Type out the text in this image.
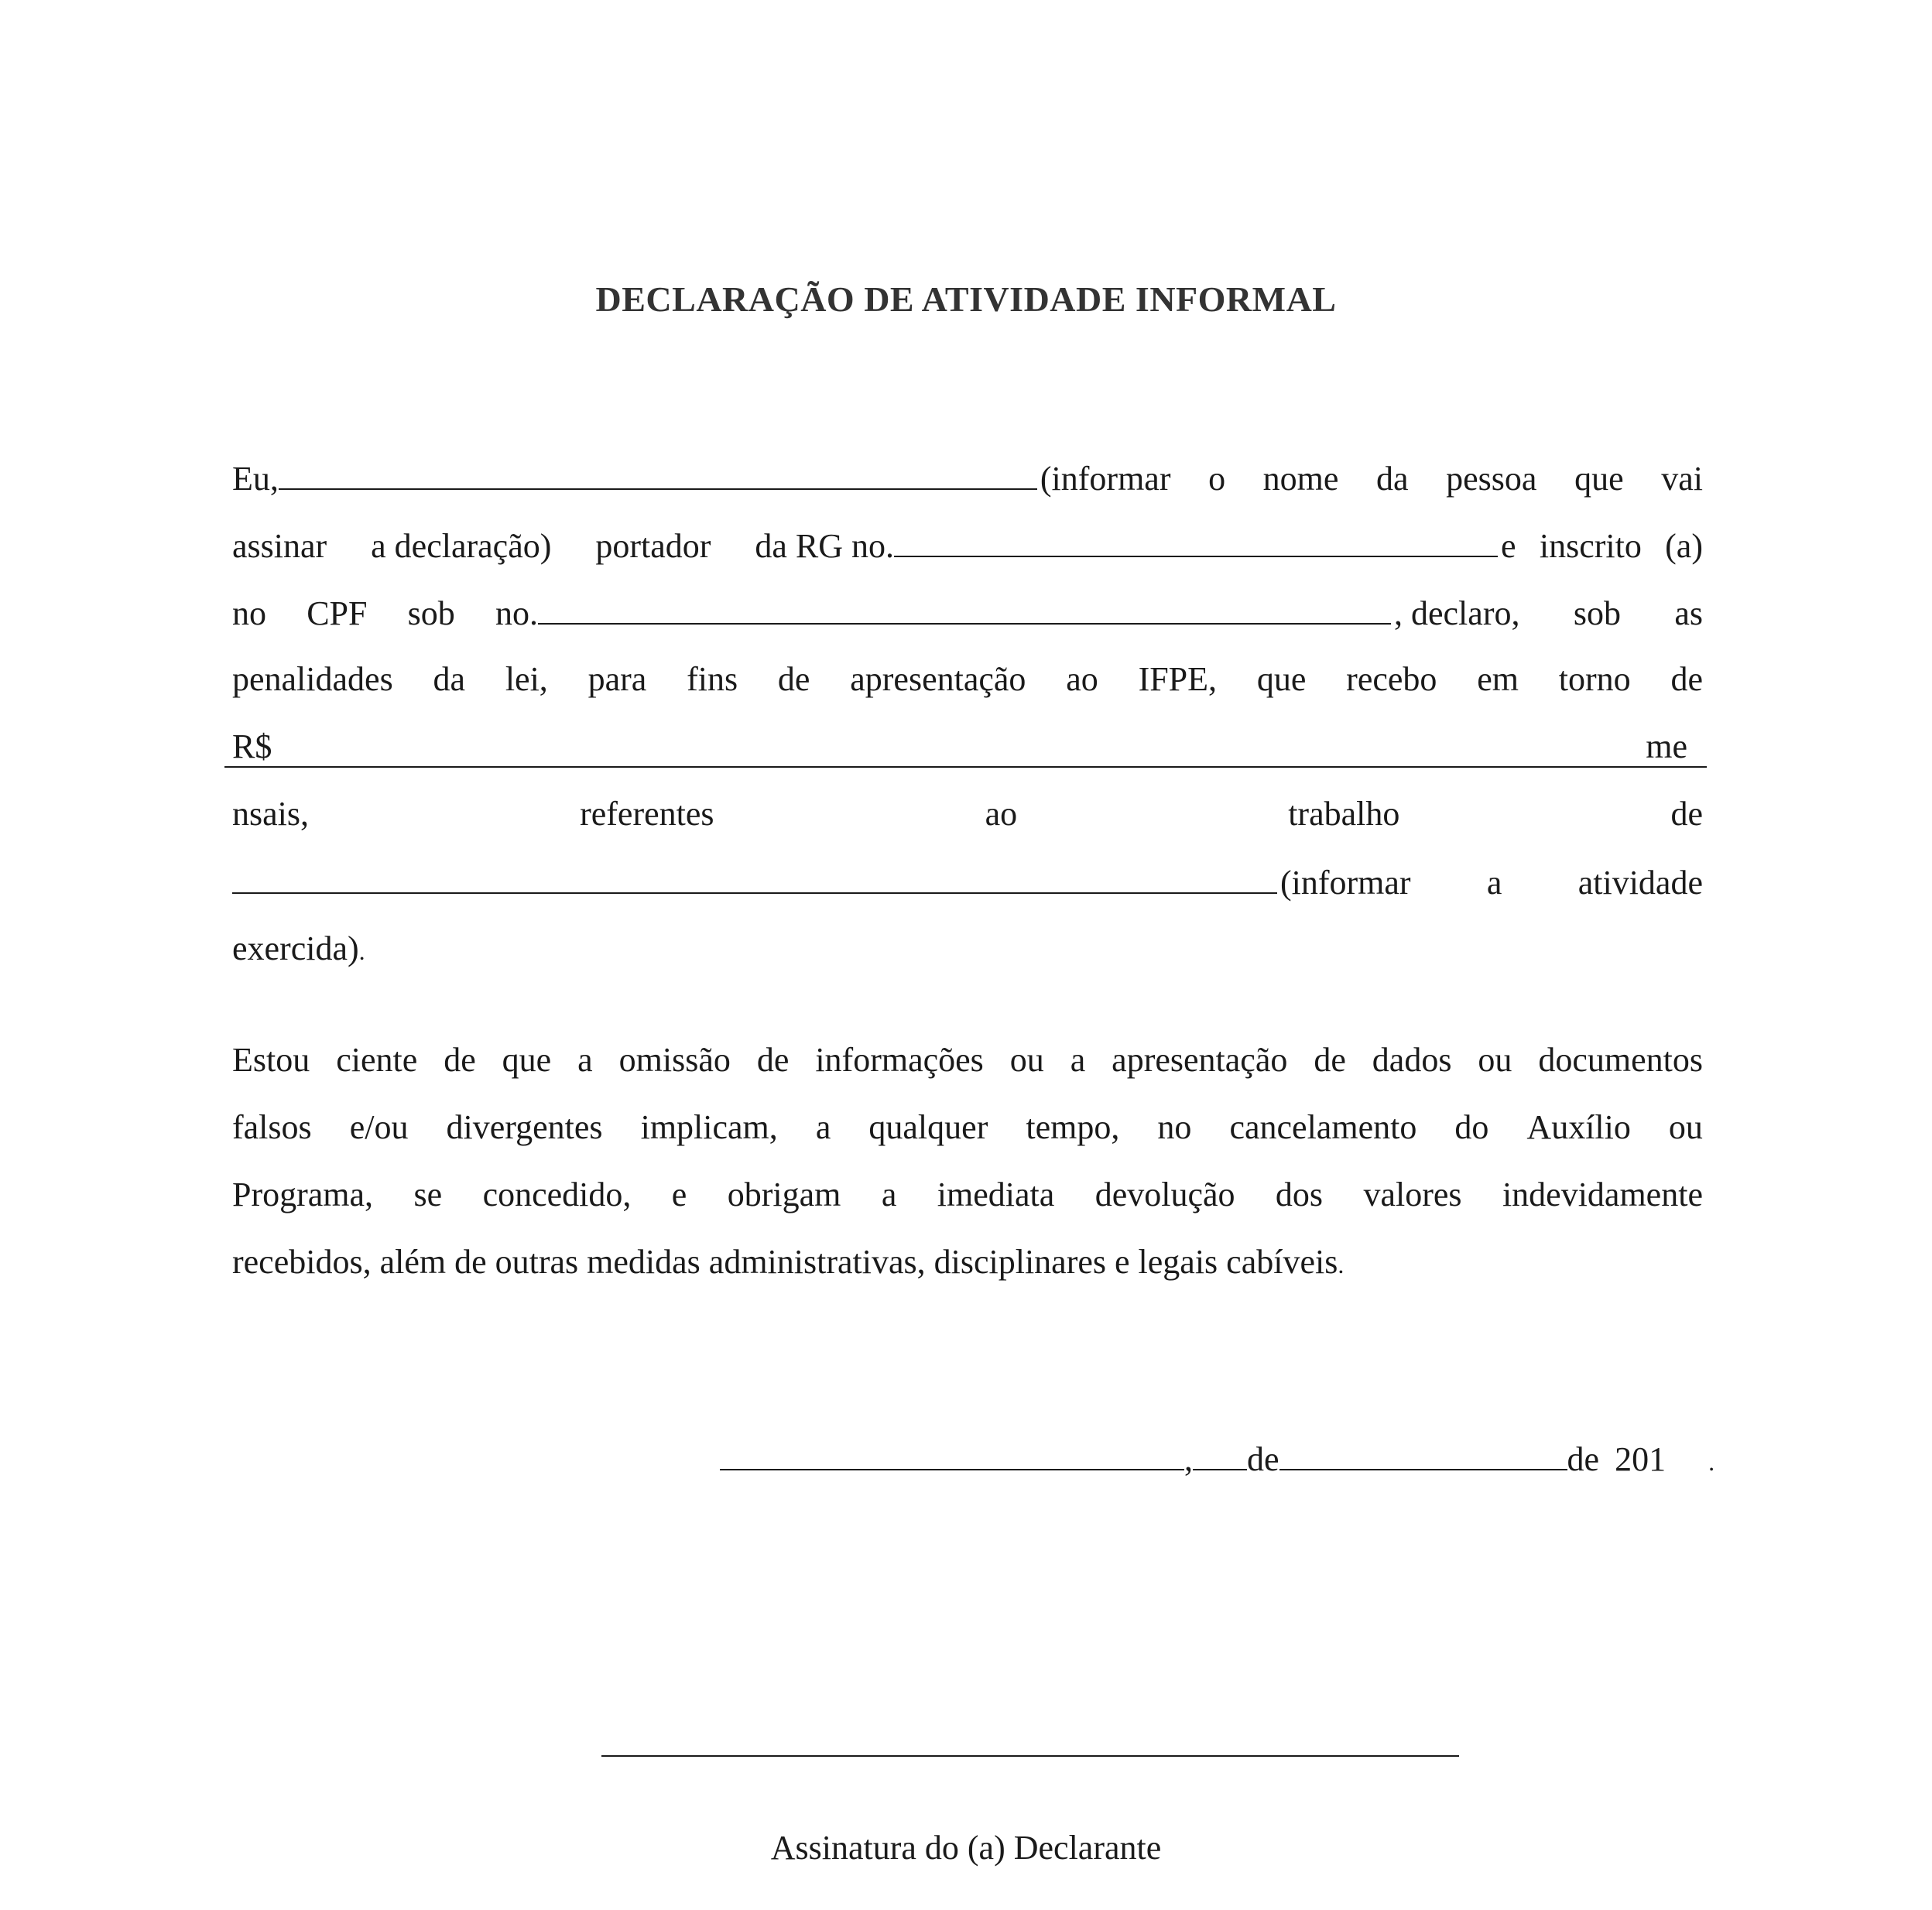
DECLARAÇÃO DE ATIVIDADE INFORMAL
Eu,	(informar o nome da pessoa que vai
assinar a declaração) portador da RG no.	e inscrito (a)
no CPF sob no.	, declaro, sob as
penalidades da lei, para fins de apresentação ao IFPE, que recebo em torno de
R$	me
nsais,	referentes	ao	trabalho	de
(informar a atividade
exercida).
Estou ciente de que a omissão de informações ou a apresentação de dados ou documentos
falsos e/ou divergentes implicam, a qualquer tempo, no cancelamento do Auxílio ou
Programa, se concedido, e obrigam a imediata devolução dos valores indevidamente
recebidos, além de outras medidas administrativas, disciplinares e legais cabíveis.
, de	de 201 .
Assinatura do (a) Declarante
